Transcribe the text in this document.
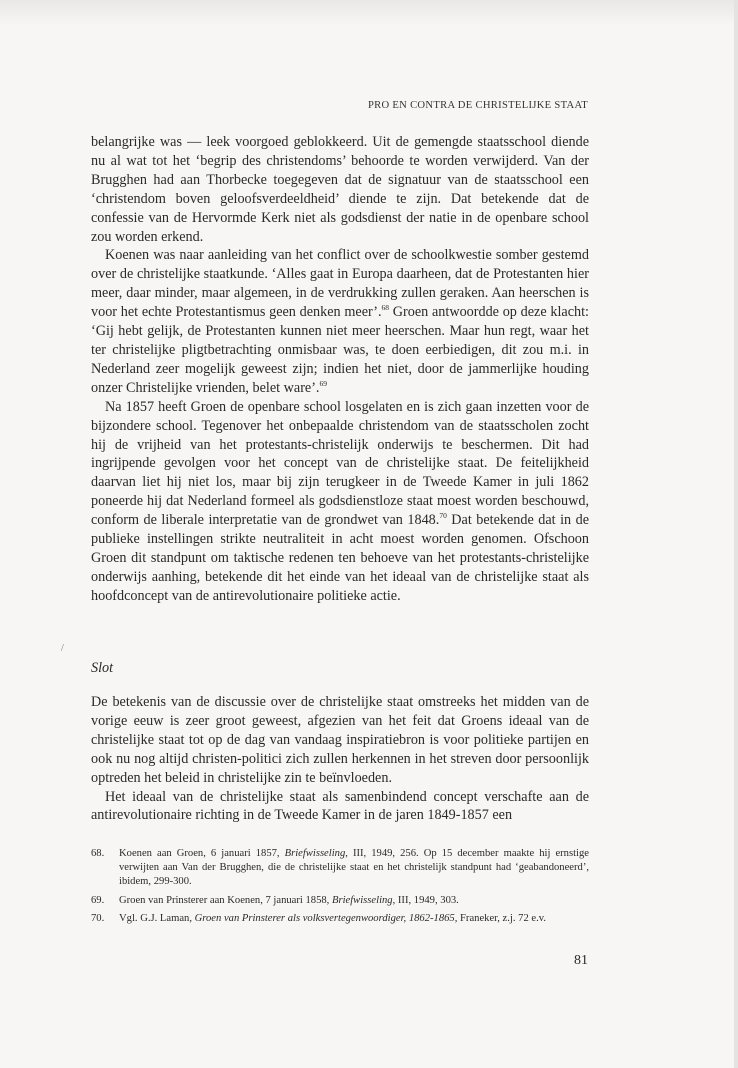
PRO EN CONTRA DE CHRISTELIJKE STAAT

belangrijke was — leek voorgoed geblokkeerd. Uit de gemengde staatsschool diende nu al wat tot het ‘begrip des christendoms’ behoorde te worden verwijderd. Van der Brugghen had aan Thorbecke toegegeven dat de signatuur van de staatsschool een ‘christendom boven geloofsverdeeldheid’ diende te zijn. Dat betekende dat de confessie van de Hervormde Kerk niet als godsdienst der natie in de openbare school zou worden erkend.

Koenen was naar aanleiding van het conflict over de schoolkwestie somber gestemd over de christelijke staatkunde. ‘Alles gaat in Europa daarheen, dat de Protestanten hier meer, daar minder, maar algemeen, in de verdrukking zullen geraken. Aan heerschen is voor het echte Protestantismus geen denken meer’.$^{68}$ Groen antwoordde op deze klacht: ‘Gij hebt gelijk, de Protestanten kunnen niet meer heerschen. Maar hun regt, waar het ter christelijke pligtbetrachting onmisbaar was, te doen eerbiedigen, dit zou m.i. in Nederland zeer mogelijk geweest zijn; indien het niet, door de jammerlijke houding onzer Christelijke vrienden, belet ware’.$^{69}$

Na 1857 heeft Groen de openbare school losgelaten en is zich gaan inzetten voor de bijzondere school. Tegenover het onbepaalde christendom van de staatsscholen zocht hij de vrijheid van het protestants-christelijk onderwijs te beschermen. Dit had ingrijpende gevolgen voor het concept van de christelijke staat. De feitelijkheid daarvan liet hij niet los, maar bij zijn terugkeer in de Tweede Kamer in juli 1862 poneerde hij dat Nederland formeel als godsdienstloze staat moest worden beschouwd, conform de liberale interpretatie van de grondwet van 1848.70 Dat betekende dat in de publieke instellingen strikte neutraliteit in acht moest worden genomen. Ofschoon Groen dit standpunt om taktische redenen ten behoeve van het protestants-christelijke onderwijs aanhing, betekende dit het einde van het ideaal van de christelijke staat als hoofdconcept van de antirevolutionaire politieke actie.

/
Slot

De betekenis van de discussie over de christelijke staat omstreeks het midden van de vorige eeuw is zeer groot geweest, afgezien van het feit dat Groens ideaal van de christelijke staat tot op de dag van vandaag inspiratiebron is voor politieke partijen en ook nu nog altijd christen-politici zich zullen herkennen in het streven door persoonlijk optreden het beleid in christelijke zin te beïnvloeden.

Het ideaal van de christelijke staat als samenbindend concept verschafte aan de antirevolutionaire richting in de Tweede Kamer in de jaren 1849-1857 een

68. Koenen aan Groen, 6 januari 1857, Briefwisseling, III, 1949, 256. Op 15 december maakte hij ernstige verwijten aan Van der Brugghen, die de christelijke staat en het christelijk standpunt had ‘geabandoneerd’, ibidem, 299-300.
69. Groen van Prinsterer aan Koenen, 7 januari 1858, Briefwisseling, III, 1949, 303.
70. Vgl. G.J. Laman, Groen van Prinsterer als volksvertegenwoordiger, 1862-1865, Franeker, z.j. 72 e.v.
81
